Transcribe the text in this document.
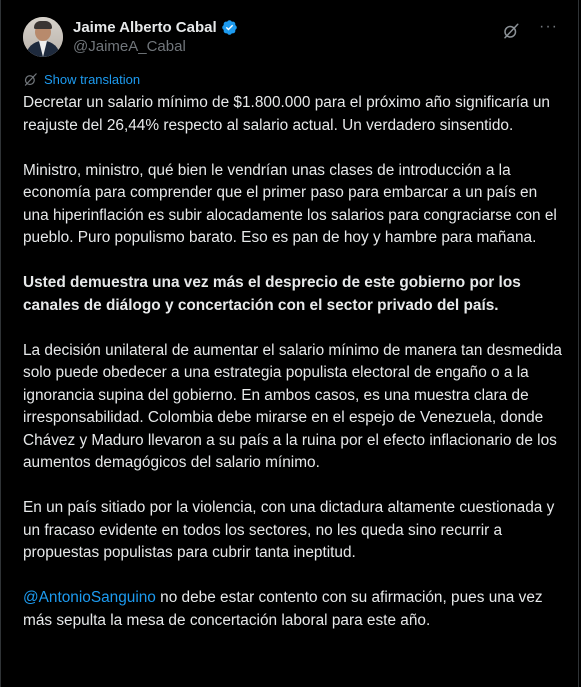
Jaime Alberto Cabal
@JaimeA_Cabal
···
Show translation

Decretar un salario mínimo de $1.800.000 para el próximo año significaría un reajuste del 26,44% respecto al salario actual. Un verdadero sinsentido.

Ministro, ministro, qué bien le vendrían unas clases de introducción a la economía para comprender que el primer paso para embarcar a un país en una hiperinflación es subir alocadamente los salarios para congraciarse con el pueblo. Puro populismo barato. Eso es pan de hoy y hambre para mañana.

Usted demuestra una vez más el desprecio de este gobierno por los canales de diálogo y concertación con el sector privado del país.

La decisión unilateral de aumentar el salario mínimo de manera tan desmedida solo puede obedecer a una estrategia populista electoral de engaño o a la ignorancia supina del gobierno. En ambos casos, es una muestra clara de irresponsabilidad. Colombia debe mirarse en el espejo de Venezuela, donde Chávez y Maduro llevaron a su país a la ruina por el efecto inflacionario de los aumentos demagógicos del salario mínimo.

En un país sitiado por la violencia, con una dictadura altamente cuestionada y un fracaso evidente en todos los sectores, no les queda sino recurrir a propuestas populistas para cubrir tanta ineptitud.

@AntonioSanguino no debe estar contento con su afirmación, pues una vez más sepulta la mesa de concertación laboral para este año.
